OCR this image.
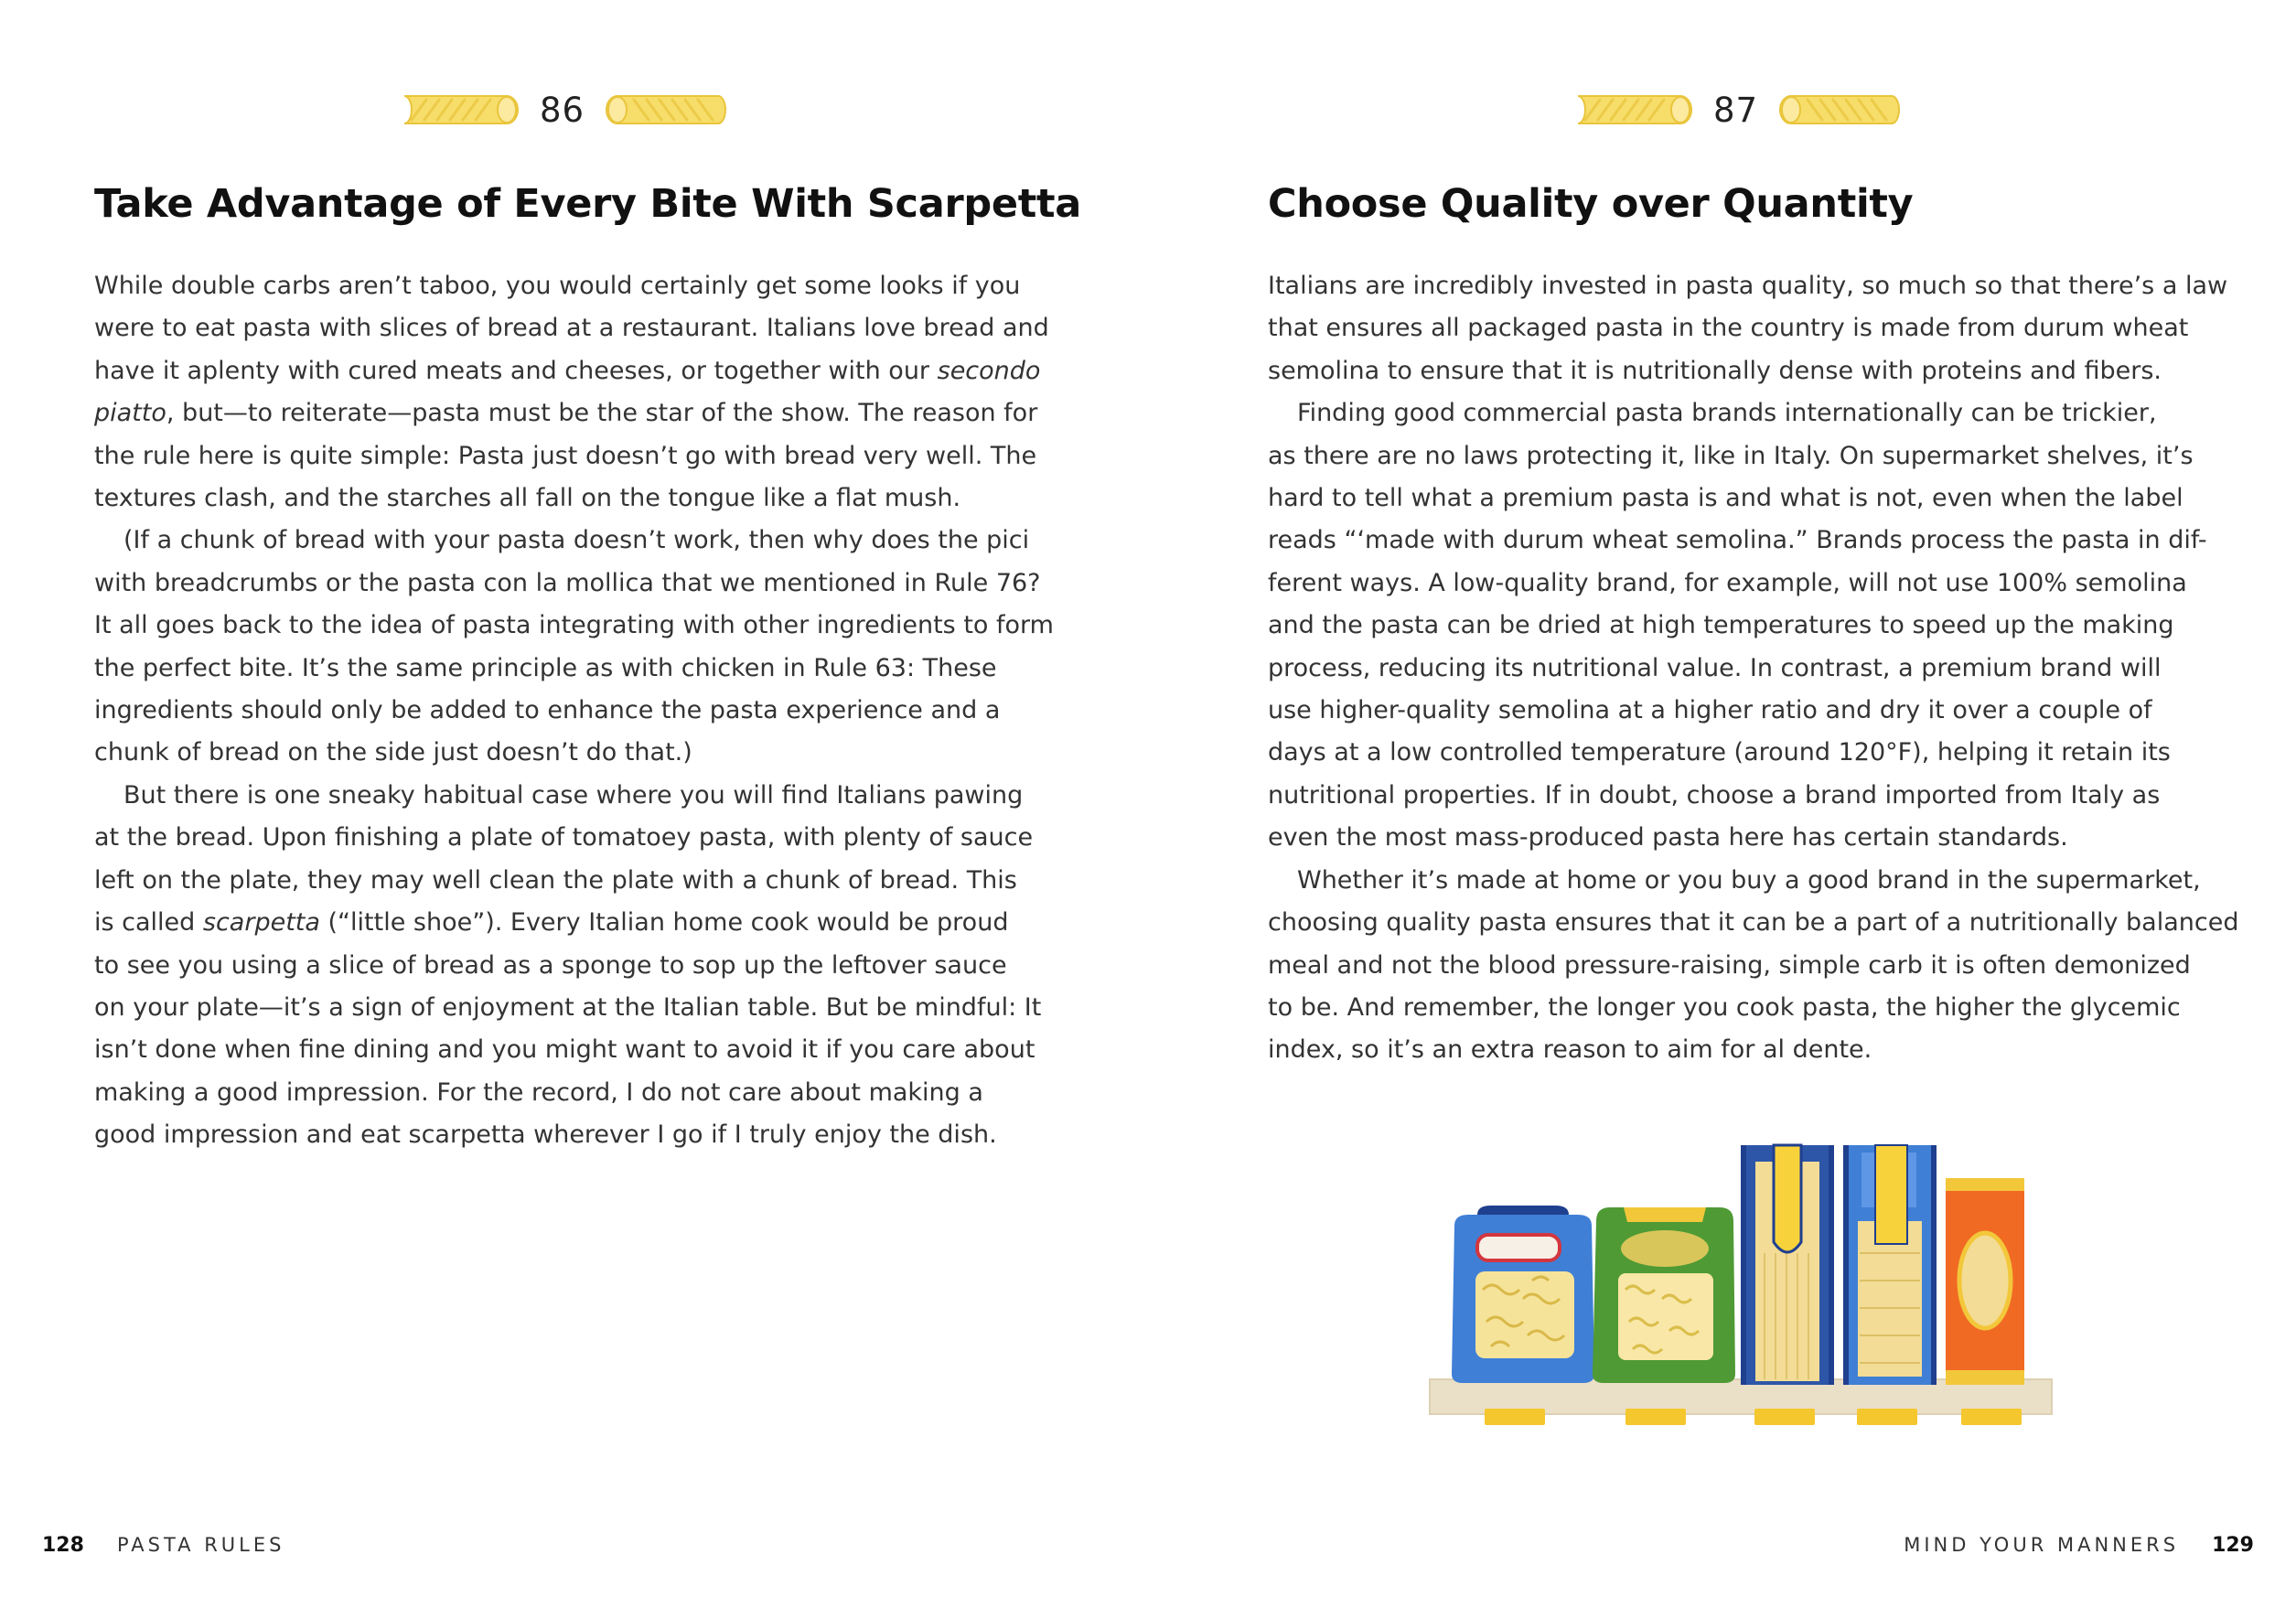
86
Take Advantage of Every Bite With Scarpetta
While double carbs aren’t taboo, you would certainly get some looks if you
were to eat pasta with slices of bread at a restaurant. Italians love bread and
have it aplenty with cured meats and cheeses, or together with our secondo
piatto, but—to reiterate—pasta must be the star of the show. The reason for
the rule here is quite simple: Pasta just doesn’t go with bread very well. The
textures clash, and the starches all fall on the tongue like a flat mush.
(If a chunk of bread with your pasta doesn’t work, then why does the pici
with breadcrumbs or the pasta con la mollica that we mentioned in Rule 76?
It all goes back to the idea of pasta integrating with other ingredients to form
the perfect bite. It’s the same principle as with chicken in Rule 63: These
ingredients should only be added to enhance the pasta experience and a
chunk of bread on the side just doesn’t do that.)
But there is one sneaky habitual case where you will find Italians pawing
at the bread. Upon finishing a plate of tomatoey pasta, with plenty of sauce
left on the plate, they may well clean the plate with a chunk of bread. This
is called scarpetta (“little shoe”). Every Italian home cook would be proud
to see you using a slice of bread as a sponge to sop up the leftover sauce
on your plate—it’s a sign of enjoyment at the Italian table. But be mindful: It
isn’t done when fine dining and you might want to avoid it if you care about
making a good impression. For the record, I do not care about making a
good impression and eat scarpetta wherever I go if I truly enjoy the dish.
128 PASTA RULES
87
Choose Quality over Quantity
Italians are incredibly invested in pasta quality, so much so that there’s a law
that ensures all packaged pasta in the country is made from durum wheat
semolina to ensure that it is nutritionally dense with proteins and fibers.
Finding good commercial pasta brands internationally can be trickier,
as there are no laws protecting it, like in Italy. On supermarket shelves, it’s
hard to tell what a premium pasta is and what is not, even when the label
reads “‘made with durum wheat semolina.” Brands process the pasta in dif-
ferent ways. A low-quality brand, for example, will not use 100% semolina
and the pasta can be dried at high temperatures to speed up the making
process, reducing its nutritional value. In contrast, a premium brand will
use higher-quality semolina at a higher ratio and dry it over a couple of
days at a low controlled temperature (around 120°F), helping it retain its
nutritional properties. If in doubt, choose a brand imported from Italy as
even the most mass-produced pasta here has certain standards.
Whether it’s made at home or you buy a good brand in the supermarket,
choosing quality pasta ensures that it can be a part of a nutritionally balanced
meal and not the blood pressure-raising, simple carb it is often demonized
to be. And remember, the longer you cook pasta, the higher the glycemic
index, so it’s an extra reason to aim for al dente.
MIND YOUR MANNERS 129
